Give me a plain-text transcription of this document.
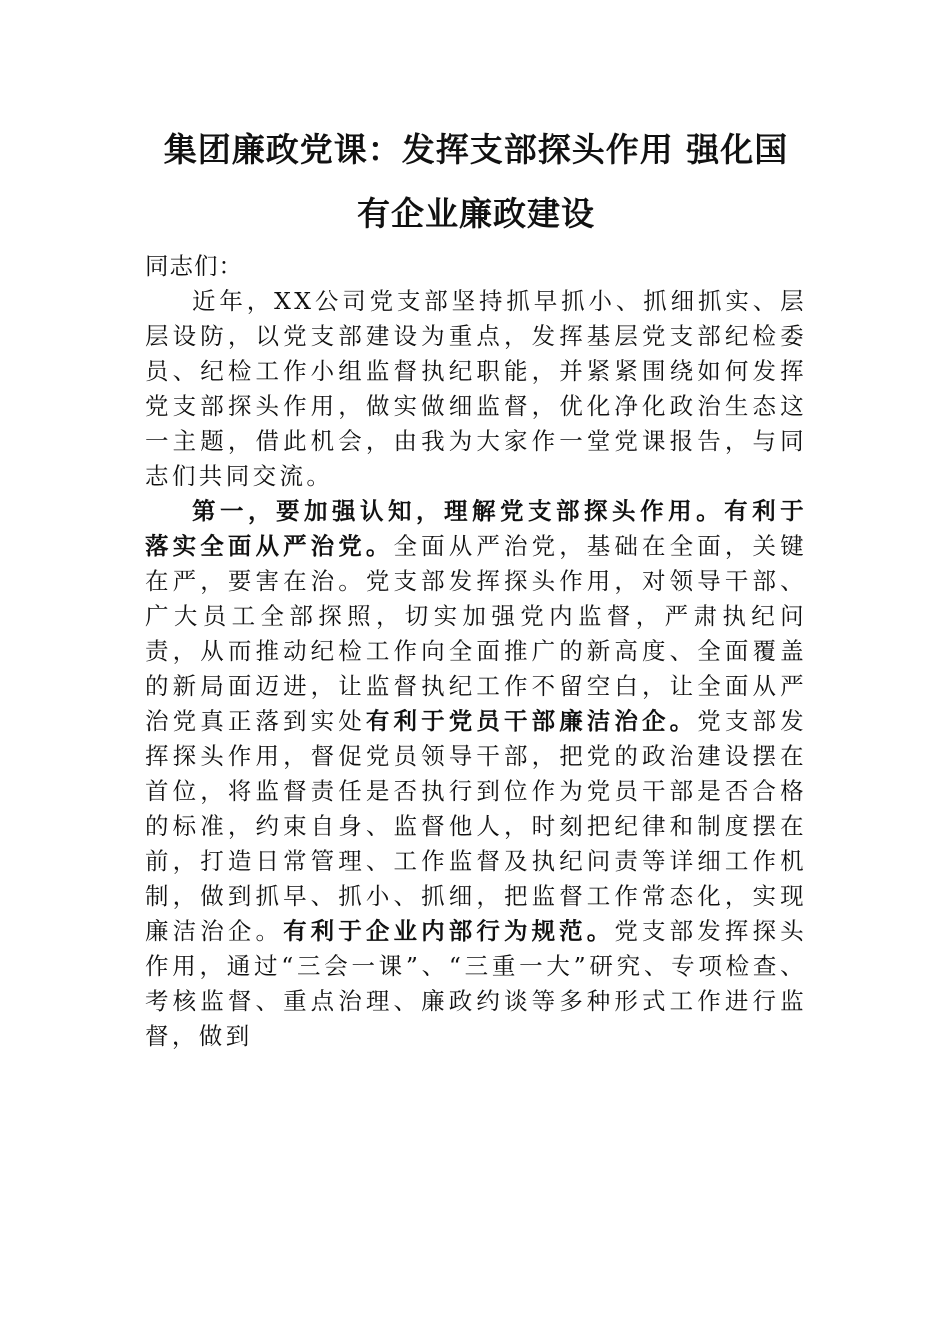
集团廉政党课：发挥支部探头作用 强化国
有企业廉政建设

同志们：

近年，XX公司党支部坚持抓早抓小、抓细抓实、层层设防，以党支部建设为重点，发挥基层党支部纪检委员、纪检工作小组监督执纪职能，并紧紧围绕如何发挥党支部探头作用，做实做细监督，优化净化政治生态这一主题，借此机会，由我为大家作一堂党课报告，与同志们共同交流。

第一，要加强认知，理解党支部探头作用。有利于落实全面从严治党。全面从严治党，基础在全面，关键在严，要害在治。党支部发挥探头作用，对领导干部、广大员工全部探照，切实加强党内监督，严肃执纪问责，从而推动纪检工作向全面推广的新高度、全面覆盖的新局面迈进，让监督执纪工作不留空白，让全面从严治党真正落到实处有利于党员干部廉洁治企。党支部发挥探头作用，督促党员领导干部，把党的政治建设摆在首位，将监督责任是否执行到位作为党员干部是否合格的标准，约束自身、监督他人，时刻把纪律和制度摆在前，打造日常管理、工作监督及执纪问责等详细工作机制，做到抓早、抓小、抓细，把监督工作常态化，实现廉洁治企。有利于企业内部行为规范。党支部发挥探头作用，通过“三会一课”、“三重一大”研究、专项检查、考核监督、重点治理、廉政约谈等多种形式工作进行监督，做到
